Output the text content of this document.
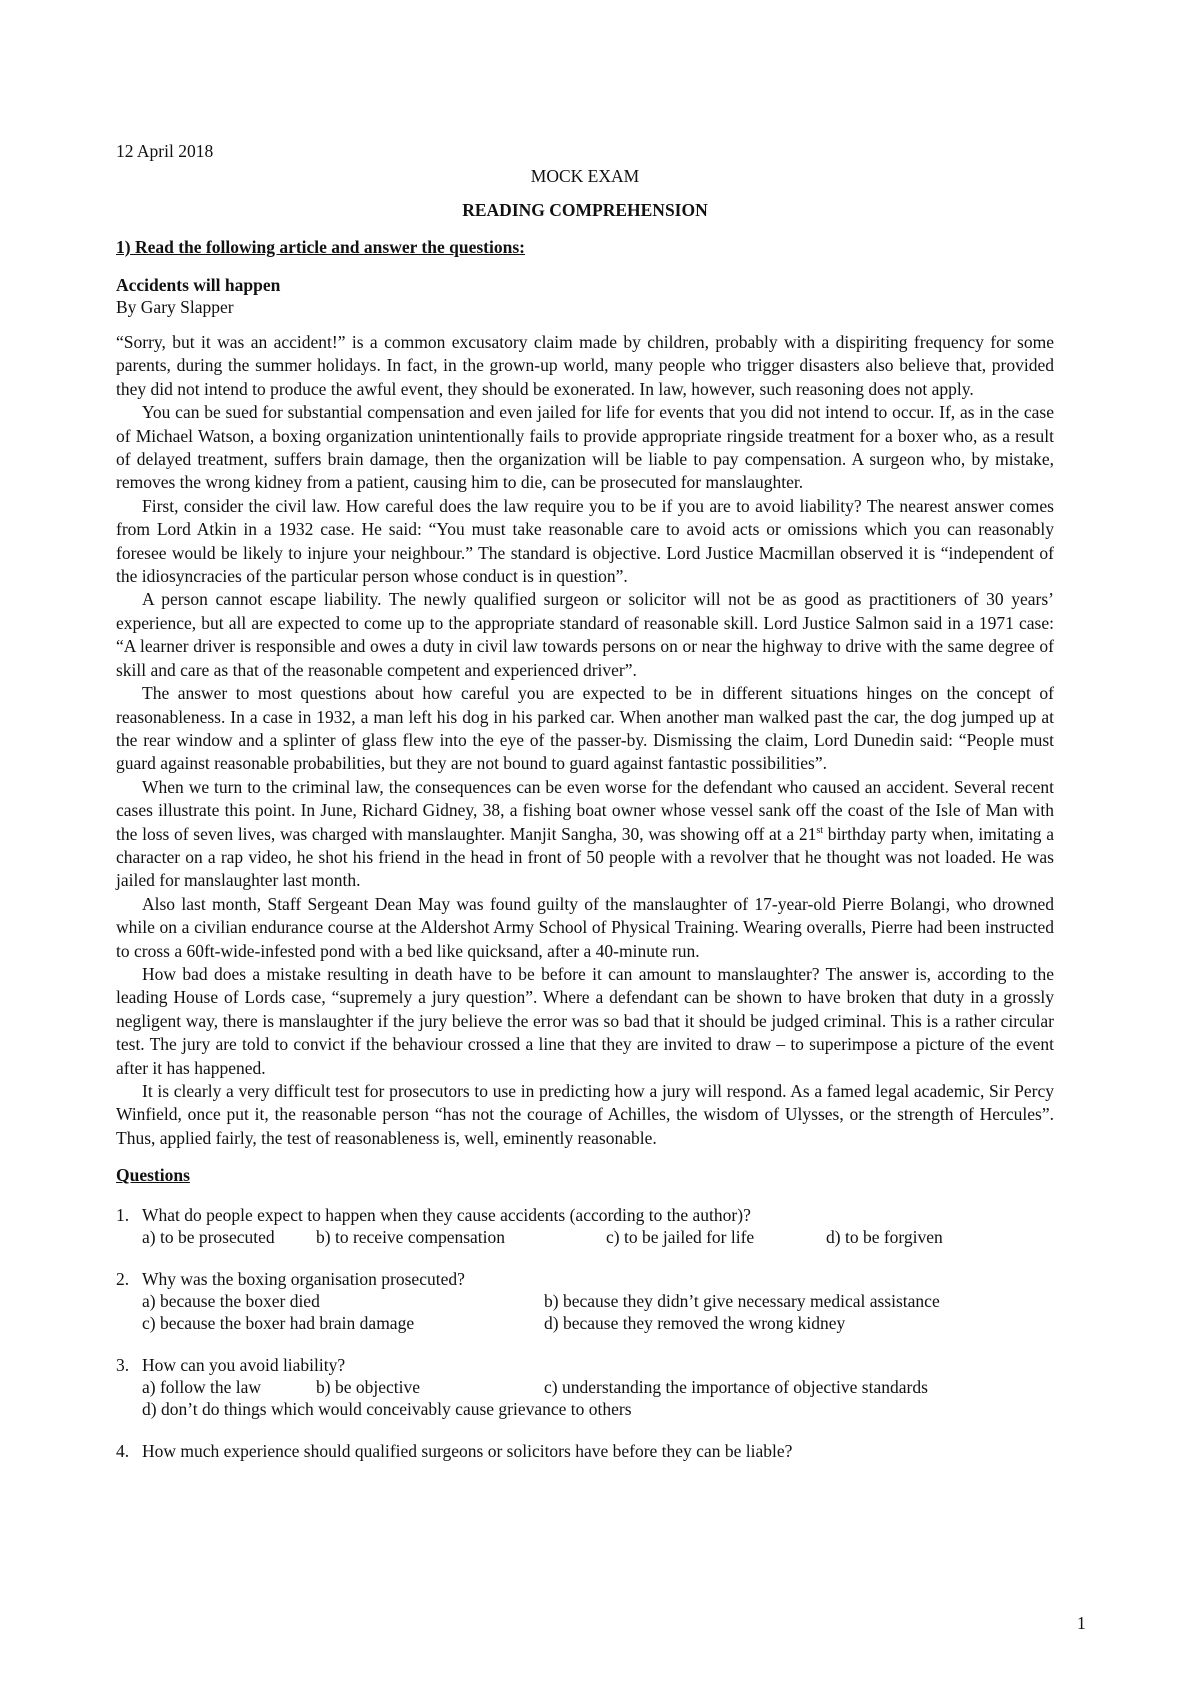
12 April 2018

MOCK EXAM

READING COMPREHENSION

1) Read the following article and answer the questions:

Accidents will happen

By Gary Slapper

“Sorry, but it was an accident!” is a common excusatory claim made by children, probably with a dispiriting frequency for some parents, during the summer holidays. In fact, in the grown-up world, many people who trigger disasters also believe that, provided they did not intend to produce the awful event, they should be exonerated. In law, however, such reasoning does not apply.

You can be sued for substantial compensation and even jailed for life for events that you did not intend to occur. If, as in the case of Michael Watson, a boxing organization unintentionally fails to provide appropriate ringside treatment for a boxer who, as a result of delayed treatment, suffers brain damage, then the organization will be liable to pay compensation. A surgeon who, by mistake, removes the wrong kidney from a patient, causing him to die, can be prosecuted for manslaughter.

First, consider the civil law. How careful does the law require you to be if you are to avoid liability? The nearest answer comes from Lord Atkin in a 1932 case. He said: “You must take reasonable care to avoid acts or omissions which you can reasonably foresee would be likely to injure your neighbour.” The standard is objective. Lord Justice Macmillan observed it is “independent of the idiosyncracies of the particular person whose conduct is in question”.

A person cannot escape liability. The newly qualified surgeon or solicitor will not be as good as practitioners of 30 years’ experience, but all are expected to come up to the appropriate standard of reasonable skill. Lord Justice Salmon said in a 1971 case: “A learner driver is responsible and owes a duty in civil law towards persons on or near the highway to drive with the same degree of skill and care as that of the reasonable competent and experienced driver”.

The answer to most questions about how careful you are expected to be in different situations hinges on the concept of reasonableness. In a case in 1932, a man left his dog in his parked car. When another man walked past the car, the dog jumped up at the rear window and a splinter of glass flew into the eye of the passer-by. Dismissing the claim, Lord Dunedin said: “People must guard against reasonable probabilities, but they are not bound to guard against fantastic possibilities”.

When we turn to the criminal law, the consequences can be even worse for the defendant who caused an accident. Several recent cases illustrate this point. In June, Richard Gidney, 38, a fishing boat owner whose vessel sank off the coast of the Isle of Man with the loss of seven lives, was charged with manslaughter. Manjit Sangha, 30, was showing off at a 21st birthday party when, imitating a character on a rap video, he shot his friend in the head in front of 50 people with a revolver that he thought was not loaded. He was jailed for manslaughter last month.

Also last month, Staff Sergeant Dean May was found guilty of the manslaughter of 17-year-old Pierre Bolangi, who drowned while on a civilian endurance course at the Aldershot Army School of Physical Training. Wearing overalls, Pierre had been instructed to cross a 60ft-wide-infested pond with a bed like quicksand, after a 40-minute run.

How bad does a mistake resulting in death have to be before it can amount to manslaughter? The answer is, according to the leading House of Lords case, “supremely a jury question”. Where a defendant can be shown to have broken that duty in a grossly negligent way, there is manslaughter if the jury believe the error was so bad that it should be judged criminal. This is a rather circular test. The jury are told to convict if the behaviour crossed a line that they are invited to draw – to superimpose a picture of the event after it has happened.

It is clearly a very difficult test for prosecutors to use in predicting how a jury will respond. As a famed legal academic, Sir Percy Winfield, once put it, the reasonable person “has not the courage of Achilles, the wisdom of Ulysses, or the strength of Hercules”. Thus, applied fairly, the test of reasonableness is, well, eminently reasonable.

Questions

1. What do people expect to happen when they cause accidents (according to the author)?
a) to be prosecuted	b) to receive compensation	c) to be jailed for life	d) to be forgiven
2. Why was the boxing organisation prosecuted?
a) because the boxer died	b) because they didn’t give necessary medical assistance
c) because the boxer had brain damage	d) because they removed the wrong kidney
3. How can you avoid liability?
a) follow the law	b) be objective	c) understanding the importance of objective standards
d) don’t do things which would conceivably cause grievance to others
4. How much experience should qualified surgeons or solicitors have before they can be liable?
1
